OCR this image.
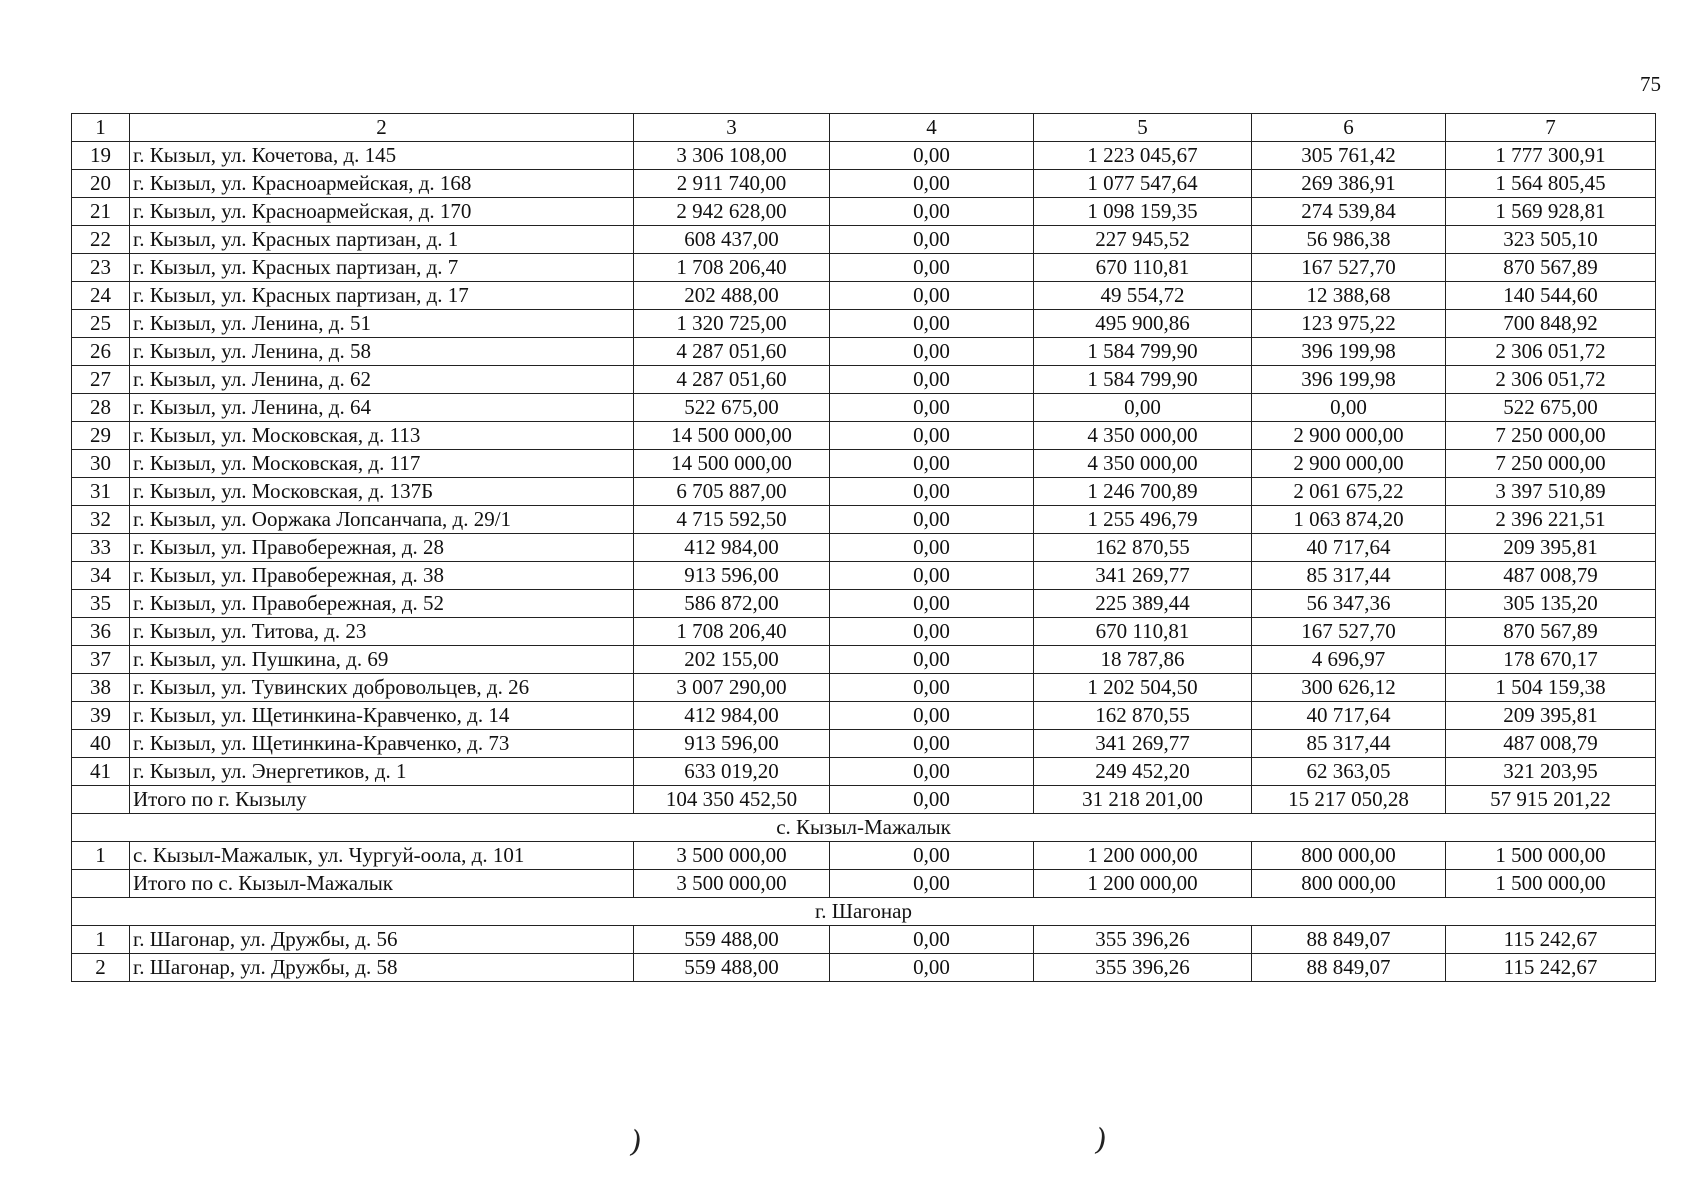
75
1	2	3	4	5	6	7
19	г. Кызыл, ул. Кочетова, д. 145	3 306 108,00	0,00	1 223 045,67	305 761,42	1 777 300,91
20	г. Кызыл, ул. Красноармейская, д. 168	2 911 740,00	0,00	1 077 547,64	269 386,91	1 564 805,45
21	г. Кызыл, ул. Красноармейская, д. 170	2 942 628,00	0,00	1 098 159,35	274 539,84	1 569 928,81
22	г. Кызыл, ул. Красных партизан, д. 1	608 437,00	0,00	227 945,52	56 986,38	323 505,10
23	г. Кызыл, ул. Красных партизан, д. 7	1 708 206,40	0,00	670 110,81	167 527,70	870 567,89
24	г. Кызыл, ул. Красных партизан, д. 17	202 488,00	0,00	49 554,72	12 388,68	140 544,60
25	г. Кызыл, ул. Ленина, д. 51	1 320 725,00	0,00	495 900,86	123 975,22	700 848,92
26	г. Кызыл, ул. Ленина, д. 58	4 287 051,60	0,00	1 584 799,90	396 199,98	2 306 051,72
27	г. Кызыл, ул. Ленина, д. 62	4 287 051,60	0,00	1 584 799,90	396 199,98	2 306 051,72
28	г. Кызыл, ул. Ленина, д. 64	522 675,00	0,00	0,00	0,00	522 675,00
29	г. Кызыл, ул. Московская, д. 113	14 500 000,00	0,00	4 350 000,00	2 900 000,00	7 250 000,00
30	г. Кызыл, ул. Московская, д. 117	14 500 000,00	0,00	4 350 000,00	2 900 000,00	7 250 000,00
31	г. Кызыл, ул. Московская, д. 137Б	6 705 887,00	0,00	1 246 700,89	2 061 675,22	3 397 510,89
32	г. Кызыл, ул. Ооржака Лопсанчапа, д. 29/1	4 715 592,50	0,00	1 255 496,79	1 063 874,20	2 396 221,51
33	г. Кызыл, ул. Правобережная, д. 28	412 984,00	0,00	162 870,55	40 717,64	209 395,81
34	г. Кызыл, ул. Правобережная, д. 38	913 596,00	0,00	341 269,77	85 317,44	487 008,79
35	г. Кызыл, ул. Правобережная, д. 52	586 872,00	0,00	225 389,44	56 347,36	305 135,20
36	г. Кызыл, ул. Титова, д. 23	1 708 206,40	0,00	670 110,81	167 527,70	870 567,89
37	г. Кызыл, ул. Пушкина, д. 69	202 155,00	0,00	18 787,86	4 696,97	178 670,17
38	г. Кызыл, ул. Тувинских добровольцев, д. 26	3 007 290,00	0,00	1 202 504,50	300 626,12	1 504 159,38
39	г. Кызыл, ул. Щетинкина-Кравченко, д. 14	412 984,00	0,00	162 870,55	40 717,64	209 395,81
40	г. Кызыл, ул. Щетинкина-Кравченко, д. 73	913 596,00	0,00	341 269,77	85 317,44	487 008,79
41	г. Кызыл, ул. Энергетиков, д. 1	633 019,20	0,00	249 452,20	62 363,05	321 203,95
	Итого по г. Кызылу	104 350 452,50	0,00	31 218 201,00	15 217 050,28	57 915 201,22
с. Кызыл-Мажалык						
1	с. Кызыл-Мажалык, ул. Чургуй-оола, д. 101	3 500 000,00	0,00	1 200 000,00	800 000,00	1 500 000,00
	Итого по с. Кызыл-Мажалык	3 500 000,00	0,00	1 200 000,00	800 000,00	1 500 000,00
г. Шагонар						
1	г. Шагонар, ул. Дружбы, д. 56	559 488,00	0,00	355 396,26	88 849,07	115 242,67
2	г. Шагонар, ул. Дружбы, д. 58	559 488,00	0,00	355 396,26	88 849,07	115 242,67
)	)
